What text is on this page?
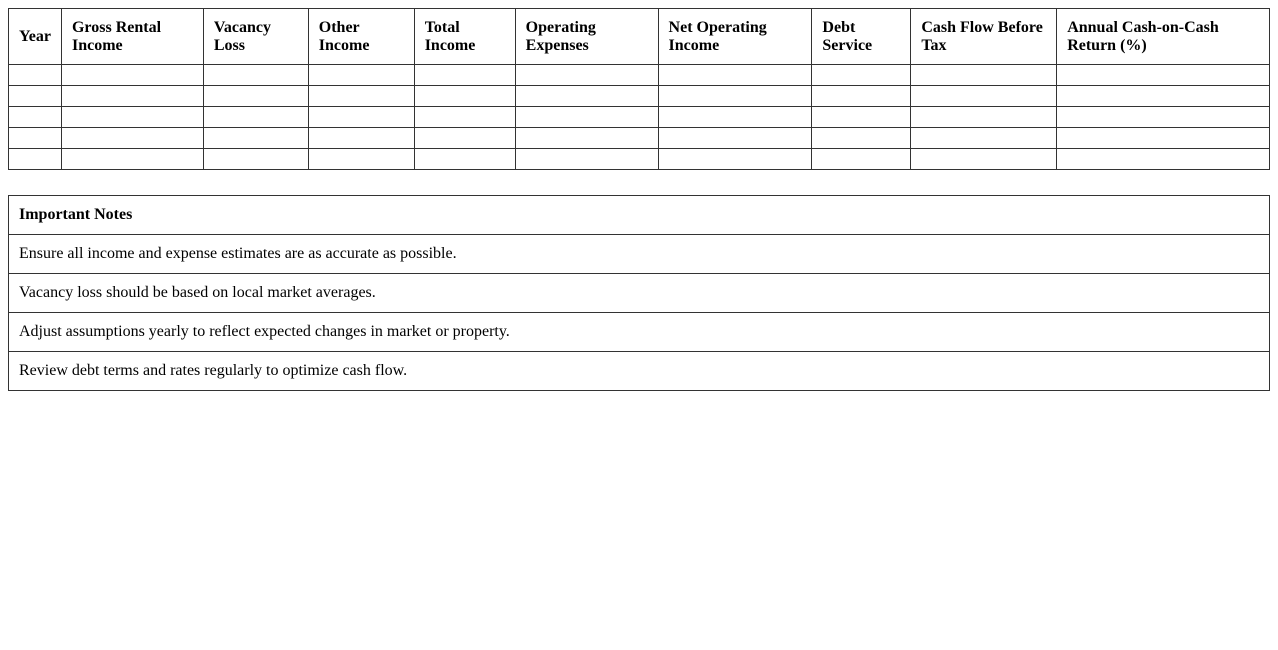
Year	Gross Rental Income	Vacancy Loss	Other Income	Total Income	Operating Expenses	Net Operating Income	Debt Service	Cash Flow Before Tax	Annual Cash-on-Cash Return (%)

Important Notes
Ensure all income and expense estimates are as accurate as possible.
Vacancy loss should be based on local market averages.
Adjust assumptions yearly to reflect expected changes in market or property.
Review debt terms and rates regularly to optimize cash flow.
